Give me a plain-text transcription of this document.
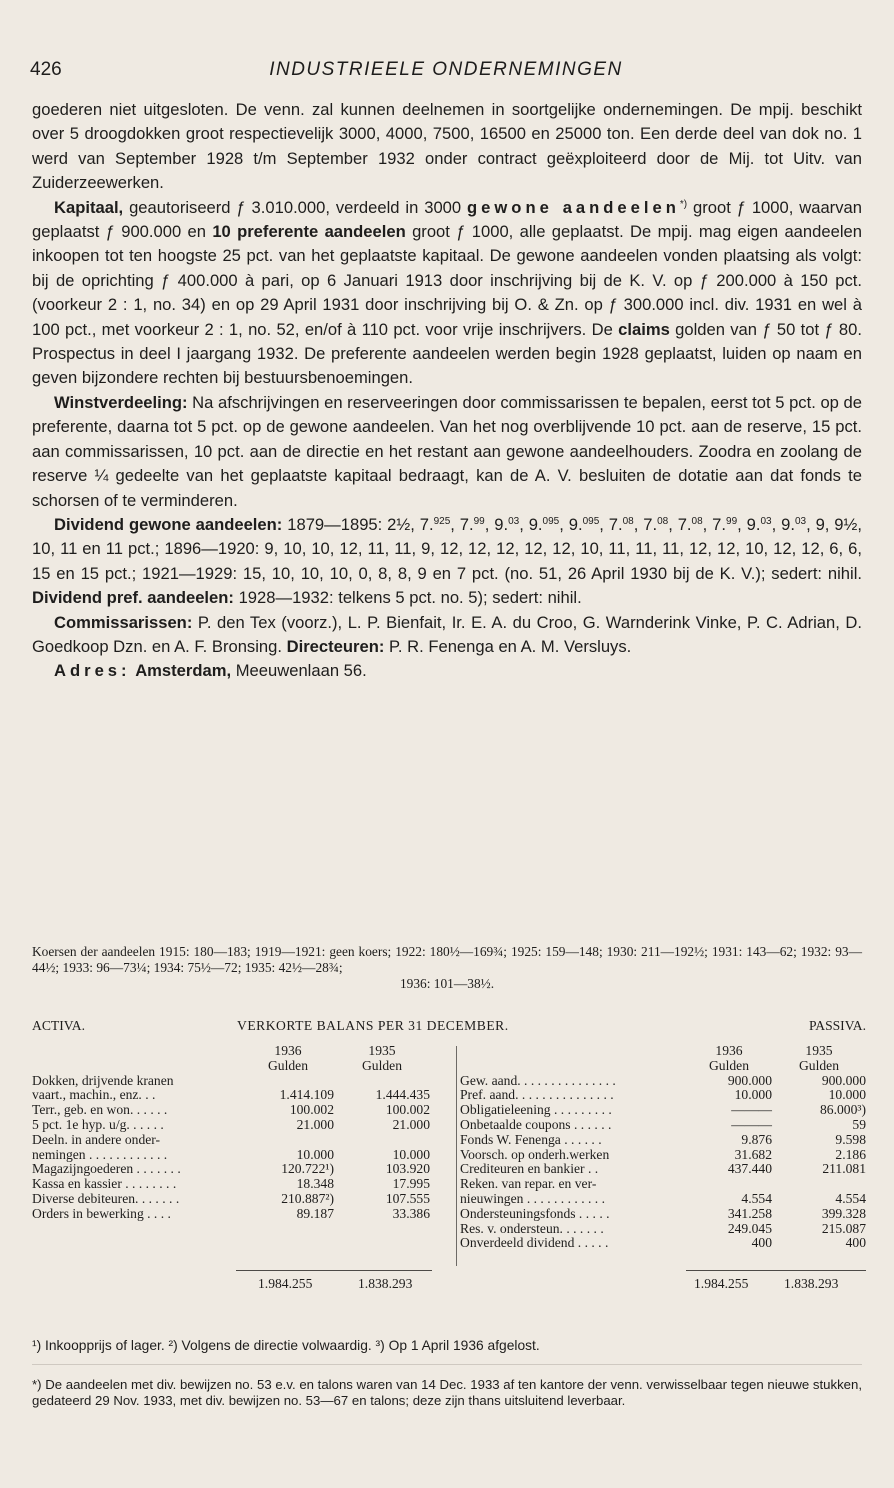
426	INDUSTRIEELE ONDERNEMINGEN

goederen niet uitgesloten. De venn. zal kunnen deelnemen in soortgelijke ondernemingen. De mpij. beschikt over 5 droogdokken groot respectievelijk 3000, 4000, 7500, 16500 en 25000 ton. Een derde deel van dok no. 1 werd van September 1928 t/m September 1932 onder contract geëxploiteerd door de Mij. tot Uitv. van Zuiderzeewerken.

Kapitaal, geautoriseerd ƒ 3.010.000, verdeeld in 3000 gewone aandeelen*) groot ƒ 1000, waarvan geplaatst ƒ 900.000 en 10 preferente aandeelen groot ƒ 1000, alle geplaatst. De mpij. mag eigen aandeelen inkoopen tot ten hoogste 25 pct. van het geplaatste kapitaal. De gewone aandeelen vonden plaatsing als volgt: bij de oprichting ƒ 400.000 à pari, op 6 Januari 1913 door inschrijving bij de K. V. op ƒ 200.000 à 150 pct. (voorkeur 2 : 1, no. 34) en op 29 April 1931 door inschrijving bij O. & Zn. op ƒ 300.000 incl. div. 1931 en wel à 100 pct., met voorkeur 2 : 1, no. 52, en/of à 110 pct. voor vrije inschrijvers. De claims golden van ƒ 50 tot ƒ 80. Prospectus in deel I jaargang 1932. De preferente aandeelen werden begin 1928 geplaatst, luiden op naam en geven bijzondere rechten bij bestuursbenoemingen.

Winstverdeeling: Na afschrijvingen en reserveeringen door commissarissen te bepalen, eerst tot 5 pct. op de preferente, daarna tot 5 pct. op de gewone aandeelen. Van het nog overblijvende 10 pct. aan de reserve, 15 pct. aan commissarissen, 10 pct. aan de directie en het restant aan gewone aandeelhouders. Zoodra en zoolang de reserve ¼ gedeelte van het geplaatste kapitaal bedraagt, kan de A. V. besluiten de dotatie aan dat fonds te schorsen of te verminderen.

Dividend gewone aandeelen: 1879—1895: 2½, 7.$^{925}$, 7.99, 9.03, 9.$^{095}$, 9.$^{095}$, 7.08, 7.08, 7.08, 7.99, 9.03, 9.03, 9, 9½, 10, 11 en 11 pct.; 1896—1920: 9, 10, 10, 12, 11, 11, 9, 12, 12, 12, 12, 12, 10, 11, 11, 11, 12, 12, 10, 12, 12, 6, 6, 15 en 15 pct.; 1921—1929: 15, 10, 10, 10, 0, 8, 8, 9 en 7 pct. (no. 51, 26 April 1930 bij de K. V.); sedert: nihil. Dividend pref. aandeelen: 1928—1932: telkens 5 pct. no. 5); sedert: nihil.

Commissarissen: P. den Tex (voorz.), L. P. Bienfait, Ir. E. A. du Croo, G. Warnderink Vinke, P. C. Adrian, D. Goedkoop Dzn. en A. F. Bronsing. Directeuren: P. R. Fenenga en A. M. Versluys.

Adres: Amsterdam, Meeuwenlaan 56.

Koersen der aandeelen 1915: 180—183; 1919—1921: geen koers; 1922: 180½—169¾; 1925: 159—148; 1930: 211—192½; 1931: 143—62; 1932: 93—44½; 1933: 96—73¼; 1934: 75½—72; 1935: 42½—28¾;
1936: 101—38½.
ACTIVA.	VERKORTE BALANS PER 31 DECEMBER.	PASSIVA.
	1936	1935
	Gulden	Gulden
Dokken, drijvende kranen		
vaart., machin., enz. . .	1.414.109	1.444.435
Terr., geb. en won. . . . . .	100.002	100.002
5 pct. 1e hyp. u/g. . . . . .	21.000	21.000
Deeln. in andere onder-		
nemingen . . . . . . . . . . . .	10.000	10.000
Magazijngoederen . . . . . . .	120.722¹)	103.920
Kassa en kassier . . . . . . . .	18.348	17.995
Diverse debiteuren. . . . . . .	210.887²)	107.555
Orders in bewerking . . . .	89.187	33.386
	1936	1935
	Gulden	Gulden
Gew. aand. . . . . . . . . . . . . . .	900.000	900.000
Pref. aand. . . . . . . . . . . . . . .	10.000	10.000
Obligatieleening . . . . . . . . .	———	86.000³)
Onbetaalde coupons . . . . . .	———	59
Fonds W. Fenenga . . . . . .	9.876	9.598
Voorsch. op onderh.werken	31.682	2.186
Crediteuren en bankier . .	437.440	211.081
Reken. van repar. en ver-		
nieuwingen . . . . . . . . . . . .	4.554	4.554
Ondersteuningsfonds . . . . .	341.258	399.328
Res. v. ondersteun. . . . . . .	249.045	215.087
Onverdeeld dividend . . . . .	400	400
1.984.255	1.838.293	1.984.255	1.838.293
¹) Inkoopprijs of lager. ²) Volgens de directie volwaardig. ³) Op 1 April 1936 afgelost.
*) De aandeelen met div. bewijzen no. 53 e.v. en talons waren van 14 Dec. 1933 af ten kantore der venn. verwisselbaar tegen nieuwe stukken, gedateerd 29 Nov. 1933, met div. bewijzen no. 53—67 en talons; deze zijn thans uitsluitend leverbaar.
